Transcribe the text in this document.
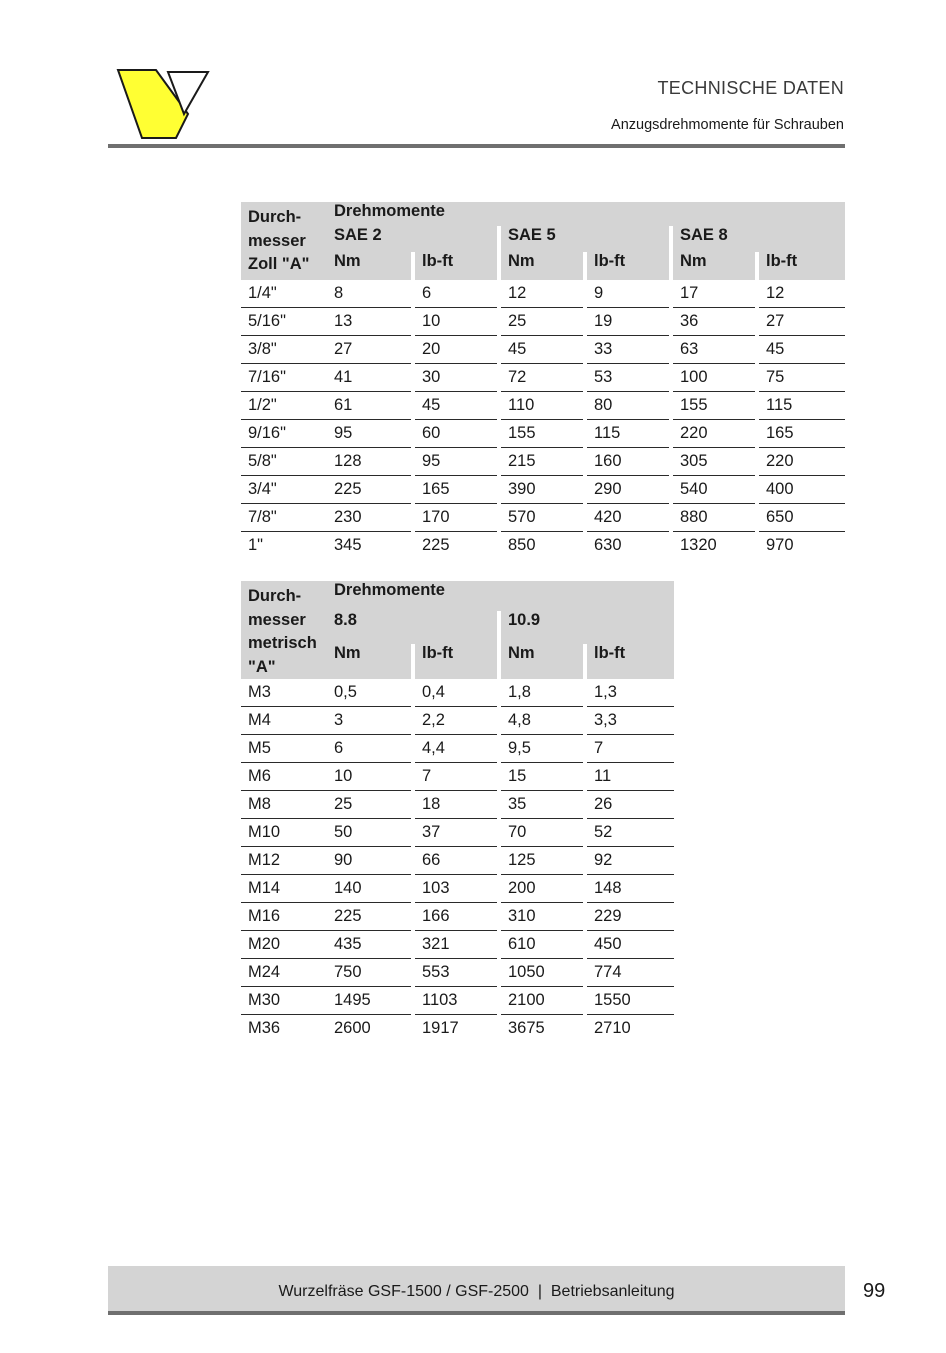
TECHNISCHE DATEN
Anzugsdrehmomente für Schrauben
Durch-messer Zoll "A"	Drehmomente					
	SAE 2		SAE 5		SAE 8	
	Nm	lb-ft	Nm	lb-ft	Nm	lb-ft
1/4"	8	6	12	9	17	12
5/16"	13	10	25	19	36	27
3/8"	27	20	45	33	63	45
7/16"	41	30	72	53	100	75
1/2"	61	45	110	80	155	115
9/16"	95	60	155	115	220	165
5/8"	128	95	215	160	305	220
3/4"	225	165	390	290	540	400
7/8"	230	170	570	420	880	650
1"	345	225	850	630	1320	970
Durch-messer metrisch "A"	Drehmomente			
	8.8		10.9	
	Nm	lb-ft	Nm	lb-ft
M3	0,5	0,4	1,8	1,3
M4	3	2,2	4,8	3,3
M5	6	4,4	9,5	7
M6	10	7	15	11
M8	25	18	35	26
M10	50	37	70	52
M12	90	66	125	92
M14	140	103	200	148
M16	225	166	310	229
M20	435	321	610	450
M24	750	553	1050	774
M30	1495	1103	2100	1550
M36	2600	1917	3675	2710
Wurzelfräse GSF-1500 / GSF-2500  |  Betriebsanleitung	99
